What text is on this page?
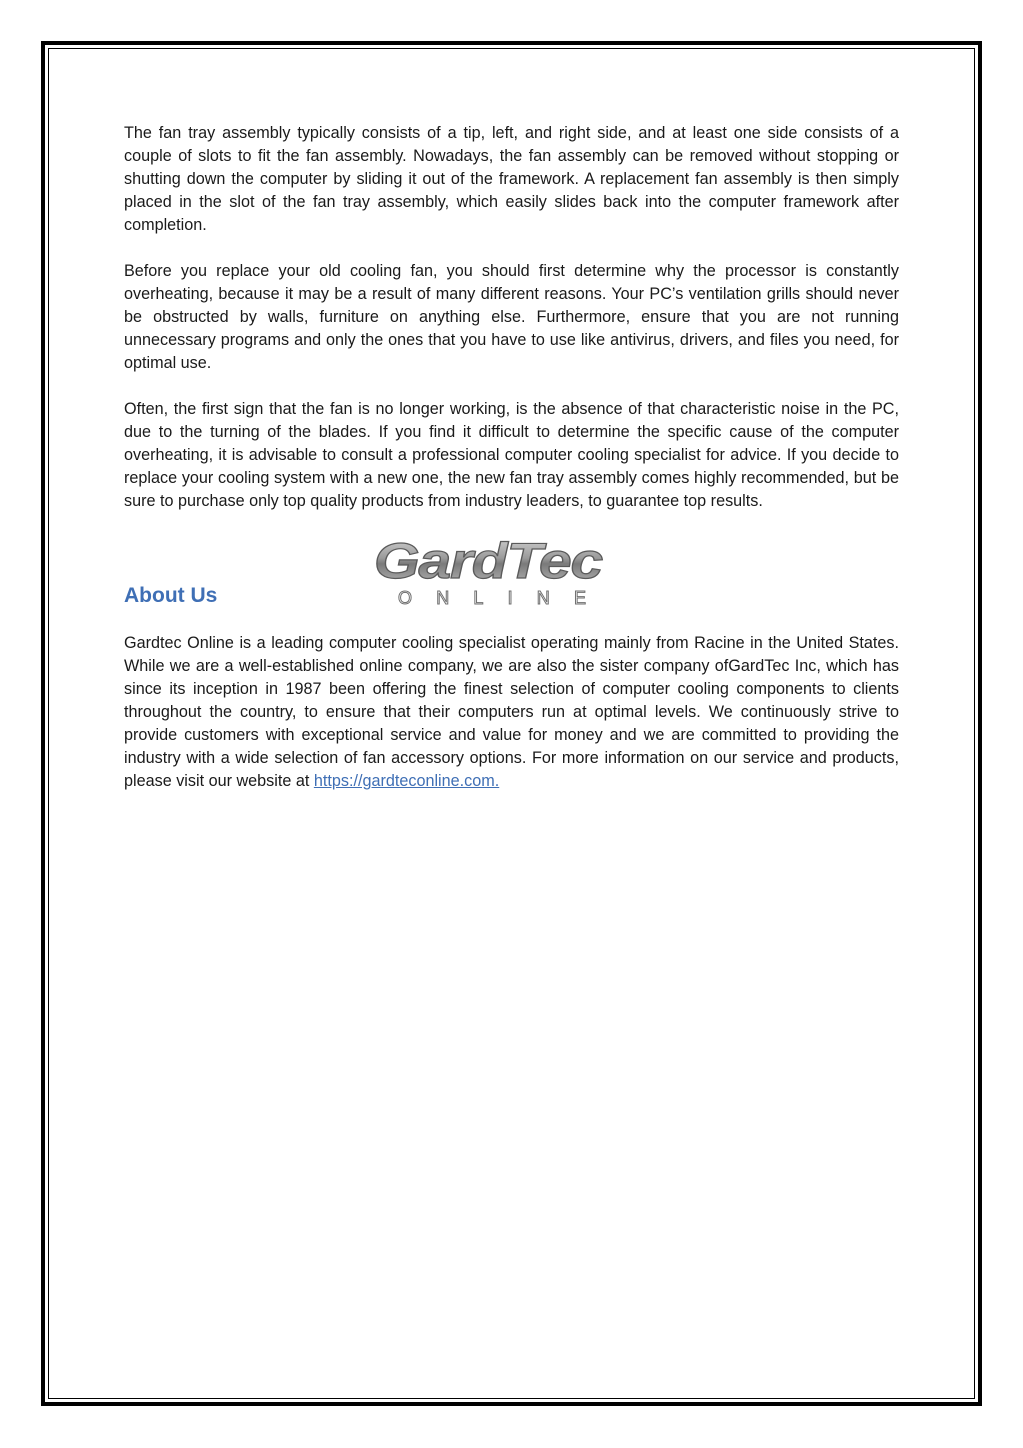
The fan tray assembly typically consists of a tip, left, and right side, and at least one side consists of a couple of slots to fit the fan assembly. Nowadays, the fan assembly can be removed without stopping or shutting down the computer by sliding it out of the framework. A replacement fan assembly is then simply placed in the slot of the fan tray assembly, which easily slides back into the computer framework after completion.

Before you replace your old cooling fan, you should first determine why the processor is constantly overheating, because it may be a result of many different reasons. Your PC’s ventilation grills should never be obstructed by walls, furniture on anything else. Furthermore, ensure that you are not running unnecessary programs and only the ones that you have to use like antivirus, drivers, and files you need, for optimal use.

Often, the first sign that the fan is no longer working, is the absence of that characteristic noise in the PC, due to the turning of the blades. If you find it difficult to determine the specific cause of the computer overheating, it is advisable to consult a professional computer cooling specialist for advice. If you decide to replace your cooling system with a new one, the new fan tray assembly comes highly recommended, but be sure to purchase only top quality products from industry leaders, to guarantee top results.

About Us
GardTec
ONLINE

Gardtec Online is a leading computer cooling specialist operating mainly from Racine in the United States. While we are a well-established online company, we are also the sister company ofGardTec Inc, which has since its inception in 1987 been offering the finest selection of computer cooling components to clients throughout the country, to ensure that their computers run at optimal levels. We continuously strive to provide customers with exceptional service and value for money and we are committed to providing the industry with a wide selection of fan accessory options. For more information on our service and products, please visit our website at https://gardteconline.com.
